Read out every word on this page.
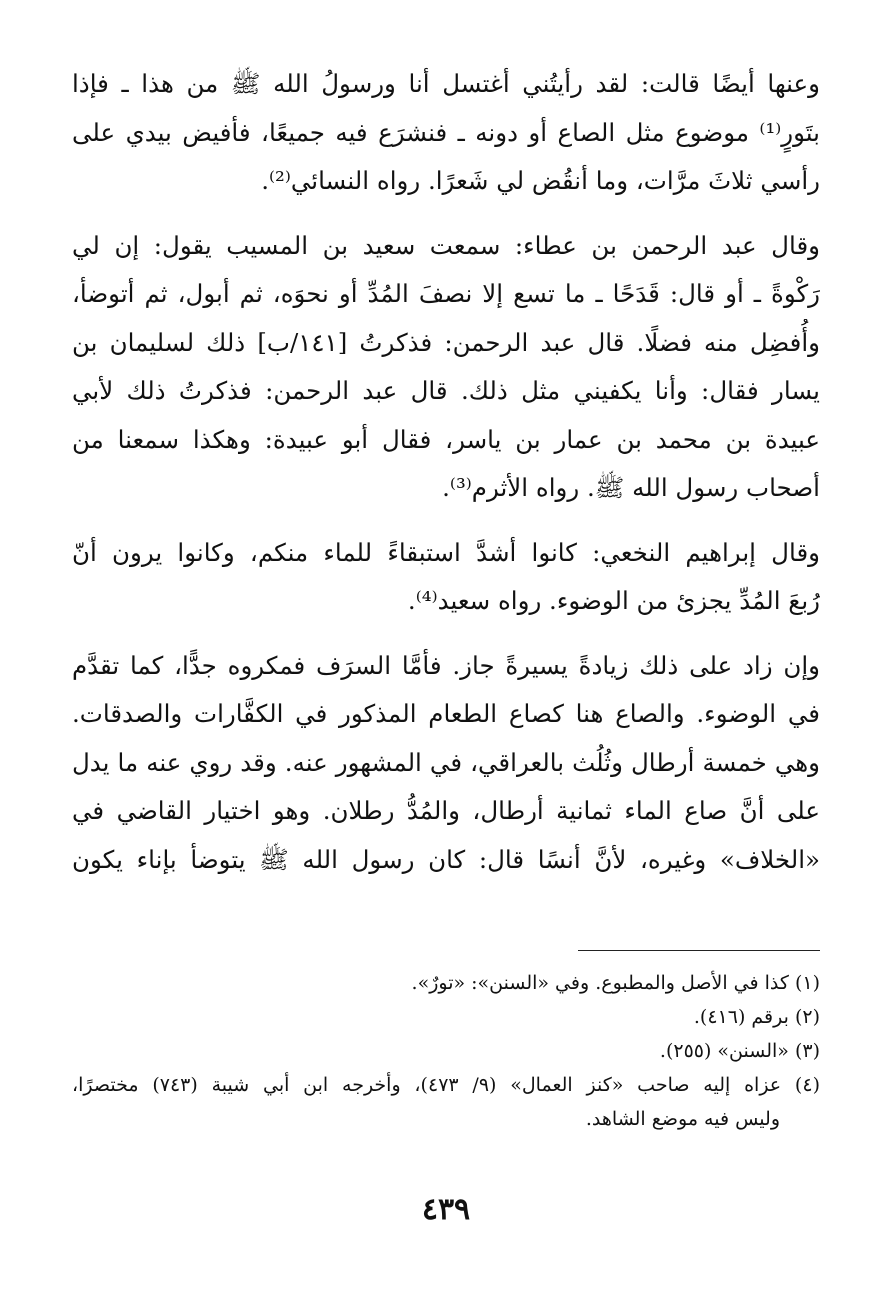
وعنها أيضًا قالت: لقد رأيتُني أغتسل أنا ورسولُ الله ﷺ من هذا ـ فإذا
بتَورٍ⁽¹⁾ موضوع مثل الصاع أو دونه ـ فنشرَع فيه جميعًا، فأفيض بيدي على
رأسي ثلاثَ مرَّات، وما أنقُض لي شَعرًا. رواه النسائي⁽²⁾.
وقال عبد الرحمن بن عطاء: سمعت سعيد بن المسيب يقول: إن لي
رَكْوةً ـ أو قال: قَدَحًا ـ ما تسع إلا نصفَ المُدِّ أو نحوَه، ثم أبول، ثم أتوضأ،
وأُفضِل منه فضلًا. قال عبد الرحمن: فذكرتُ [١٤١/ب] ذلك لسليمان بن
يسار فقال: وأنا يكفيني مثل ذلك. قال عبد الرحمن: فذكرتُ ذلك لأبي
عبيدة بن محمد بن عمار بن ياسر، فقال أبو عبيدة: وهكذا سمعنا من
أصحاب رسول الله ﷺ. رواه الأثرم⁽³⁾.
وقال إبراهيم النخعي: كانوا أشدَّ استبقاءً للماء منكم، وكانوا يرون أنّ
رُبعَ المُدِّ يجزئ من الوضوء. رواه سعيد⁽⁴⁾.
وإن زاد على ذلك زيادةً يسيرةً جاز. فأمَّا السرَف فمكروه جدًّا، كما تقدَّم
في الوضوء. والصاع هنا كصاع الطعام المذكور في الكفَّارات والصدقات.
وهي خمسة أرطال وثُلُث بالعراقي، في المشهور عنه. وقد روي عنه ما يدل
على أنَّ صاع الماء ثمانية أرطال، والمُدُّ رطلان. وهو اختيار القاضي في
«الخلاف» وغيره، لأنَّ أنسًا قال: كان رسول الله ﷺ يتوضأ بإناء يكون
(١) كذا في الأصل والمطبوع. وفي «السنن»: «تورٌ».
(٢) برقم (٤١٦).
(٣) «السنن» (٢٥٥).
(٤) عزاه إليه صاحب «كنز العمال» (٩/ ٤٧٣)، وأخرجه ابن أبي شيبة (٧٤٣) مختصرًا،
وليس فيه موضع الشاهد.
٤٣٩
